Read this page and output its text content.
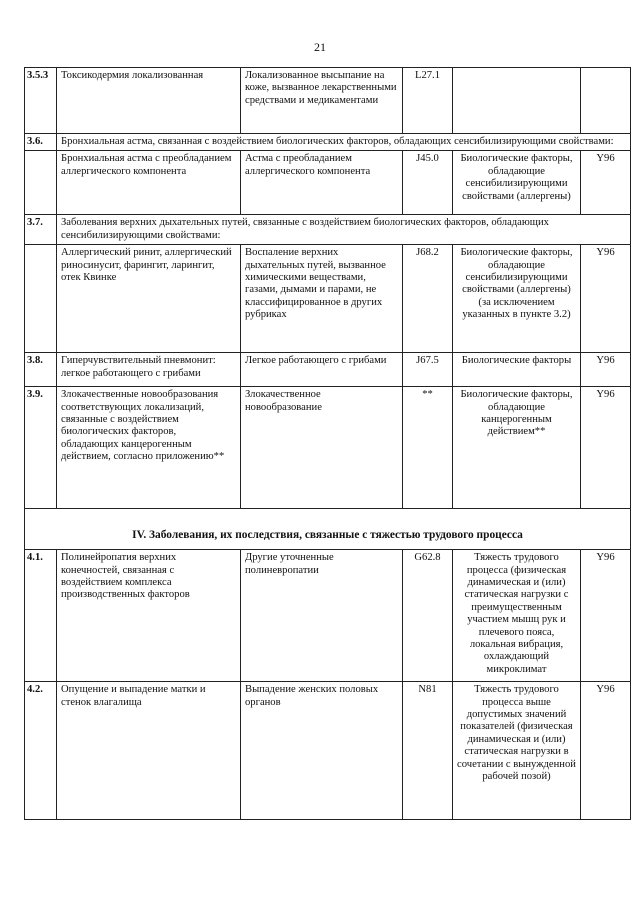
21
3.5.3	Токсикодермия локализованная	Локализованное высыпание на коже, вызванное лекарственными средствами и медикаментами	L27.1		
3.6.	Бронхиальная астма, связанная с воздействием биологических факторов, обладающих сенсибилизирующими свойствами:				
	Бронхиальная астма с преобладанием аллергического компонента	Астма с преобладанием аллергического компонента	J45.0	Биологические факторы, обладающие сенсибилизирующими свойствами (аллергены)	Y96
3.7.	Заболевания верхних дыхательных путей, связанные с воздействием биологических факторов, обладающих сенсибилизирующими свойствами:				
	Аллергический ринит, аллергический риносинусит, фарингит, ларингит, отек Квинке	Воспаление верхних дыхательных путей, вызванное химическими веществами, газами, дымами и парами, не классифицированное в других рубриках	J68.2	Биологические факторы, обладающие сенсибилизирующими свойствами (аллергены) (за исключением указанных в пункте 3.2)	Y96
3.8.	Гиперчувствительный пневмонит: легкое работающего с грибами	Легкое работающего с грибами	J67.5	Биологические факторы	Y96
3.9.	Злокачественные новообразования соответствующих локализаций, связанные с воздействием биологических факторов, обладающих канцерогенным действием, согласно приложению**	Злокачественное новообразование	**	Биологические факторы, обладающие канцерогенным действием**	Y96
IV. Заболевания, их последствия, связанные с тяжестью трудового процесса					
4.1.	Полинейропатия верхних конечностей, связанная с воздействием комплекса производственных факторов	Другие уточненные полиневропатии	G62.8	Тяжесть трудового процесса (физическая динамическая и (или) статическая нагрузки с преимущественным участием мышц рук и плечевого пояса, локальная вибрация, охлаждающий микроклимат	Y96
4.2.	Опущение и выпадение матки и стенок влагалища	Выпадение женских половых органов	N81	Тяжесть трудового процесса выше допустимых значений показателей (физическая динамическая и (или) статическая нагрузки в сочетании с вынужденной рабочей позой)	Y96
